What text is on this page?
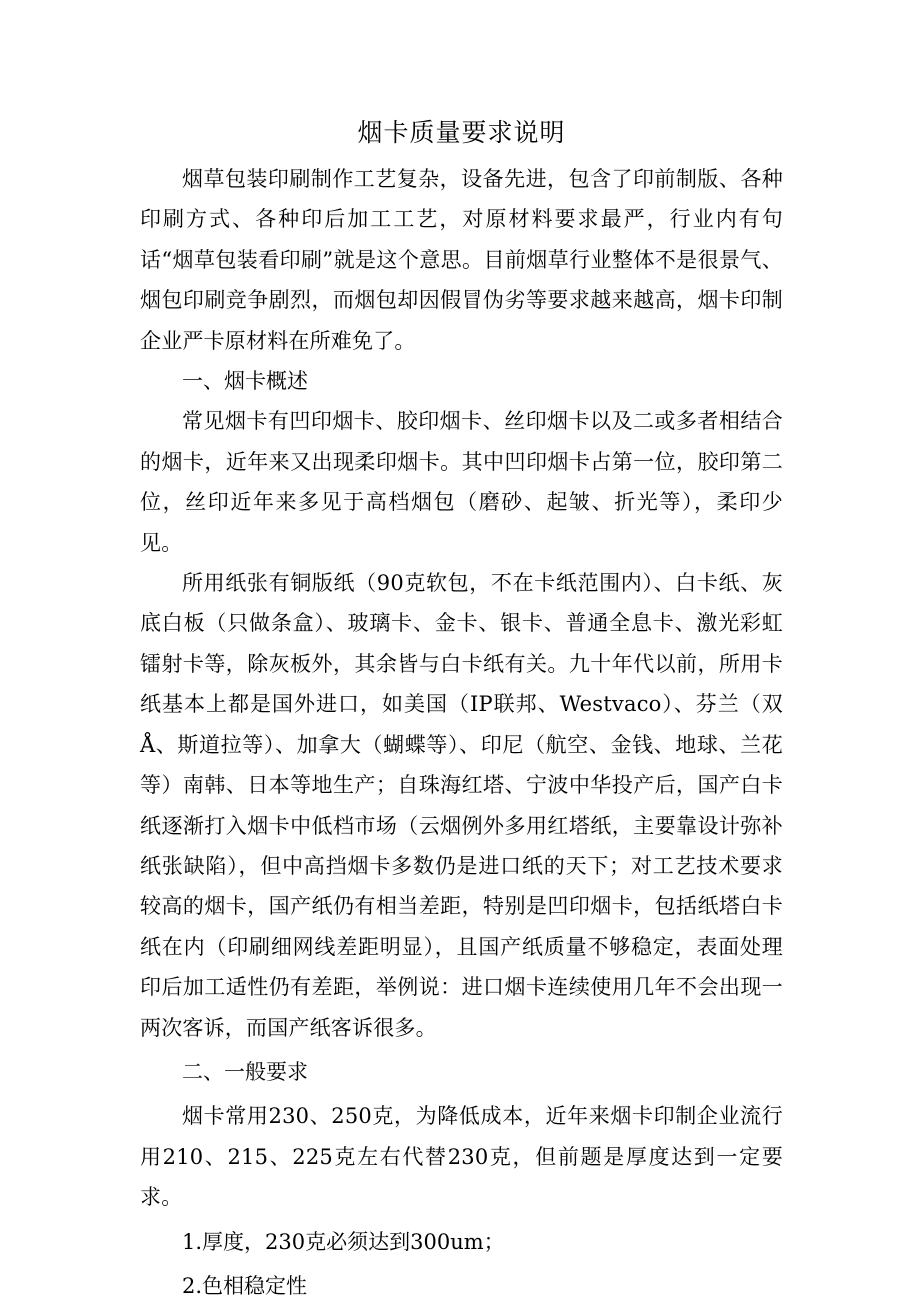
烟卡质量要求说明

烟草包装印刷制作工艺复杂，设备先进，包含了印前制版、各种印刷方式、各种印后加工工艺，对原材料要求最严，行业内有句话“烟草包装看印刷”就是这个意思。目前烟草行业整体不是很景气、烟包印刷竞争剧烈，而烟包却因假冒伪劣等要求越来越高，烟卡印制企业严卡原材料在所难免了。

一、烟卡概述

常见烟卡有凹印烟卡、胶印烟卡、丝印烟卡以及二或多者相结合的烟卡，近年来又出现柔印烟卡。其中凹印烟卡占第一位，胶印第二位，丝印近年来多见于高档烟包（磨砂、起皱、折光等），柔印少见。

所用纸张有铜版纸（90克软包，不在卡纸范围内）、白卡纸、灰底白板（只做条盒）、玻璃卡、金卡、银卡、普通全息卡、激光彩虹镭射卡等，除灰板外，其余皆与白卡纸有关。九十年代以前，所用卡纸基本上都是国外进口，如美国（IP联邦、Westvaco）、芬兰（双Å、斯道拉等）、加拿大（蝴蝶等）、印尼（航空、金钱、地球、兰花等）南韩、日本等地生产；自珠海红塔、宁波中华投产后，国产白卡纸逐渐打入烟卡中低档市场（云烟例外多用红塔纸，主要靠设计弥补纸张缺陷），但中高挡烟卡多数仍是进口纸的天下；对工艺技术要求较高的烟卡，国产纸仍有相当差距，特别是凹印烟卡，包括纸塔白卡纸在内（印刷细网线差距明显），且国产纸质量不够稳定，表面处理印后加工适性仍有差距，举例说：进口烟卡连续使用几年不会出现一两次客诉，而国产纸客诉很多。

二、一般要求

烟卡常用230、250克，为降低成本，近年来烟卡印制企业流行用210、215、225克左右代替230克，但前题是厚度达到一定要求。

1.厚度，230克必须达到300um；

2.色相稳定性
